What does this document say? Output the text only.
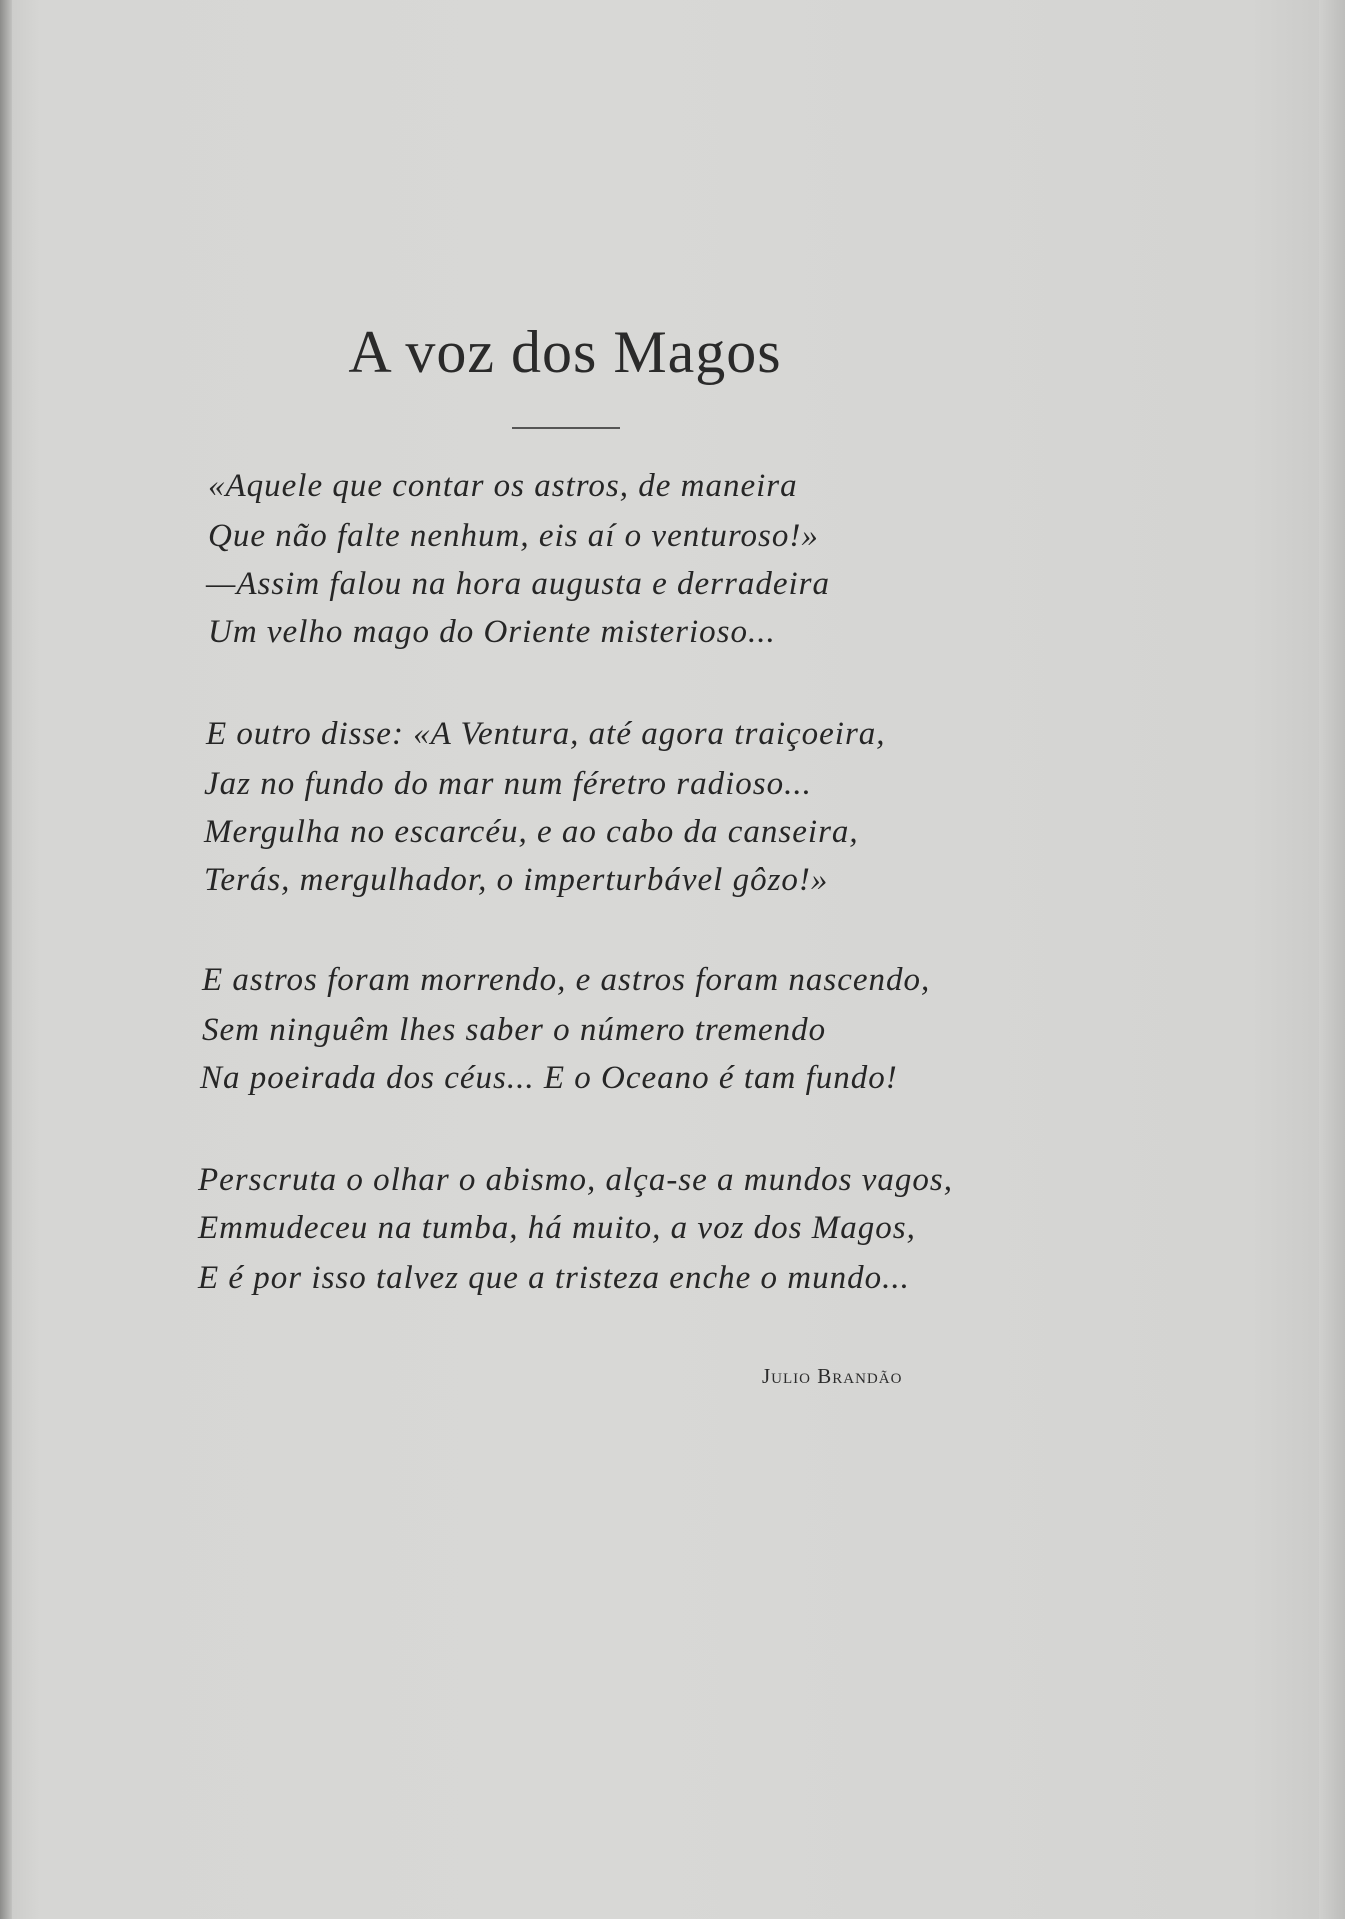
A voz dos Magos
«Aquele que contar os astros, de maneira
Que não falte nenhum, eis aí o venturoso!»
—Assim falou na hora augusta e derradeira
Um velho mago do Oriente misterioso...
E outro disse: «A Ventura, até agora traiçoeira,
Jaz no fundo do mar num féretro radioso...
Mergulha no escarcéu, e ao cabo da canseira,
Terás, mergulhador, o imperturbável gôzo!»
E astros foram morrendo, e astros foram nascendo,
Sem ninguêm lhes saber o número tremendo
Na poeirada dos céus... E o Oceano é tam fundo!
Perscruta o olhar o abismo, alça-se a mundos vagos,
Emmudeceu na tumba, há muito, a voz dos Magos,
E é por isso talvez que a tristeza enche o mundo...
Julio Brandão
